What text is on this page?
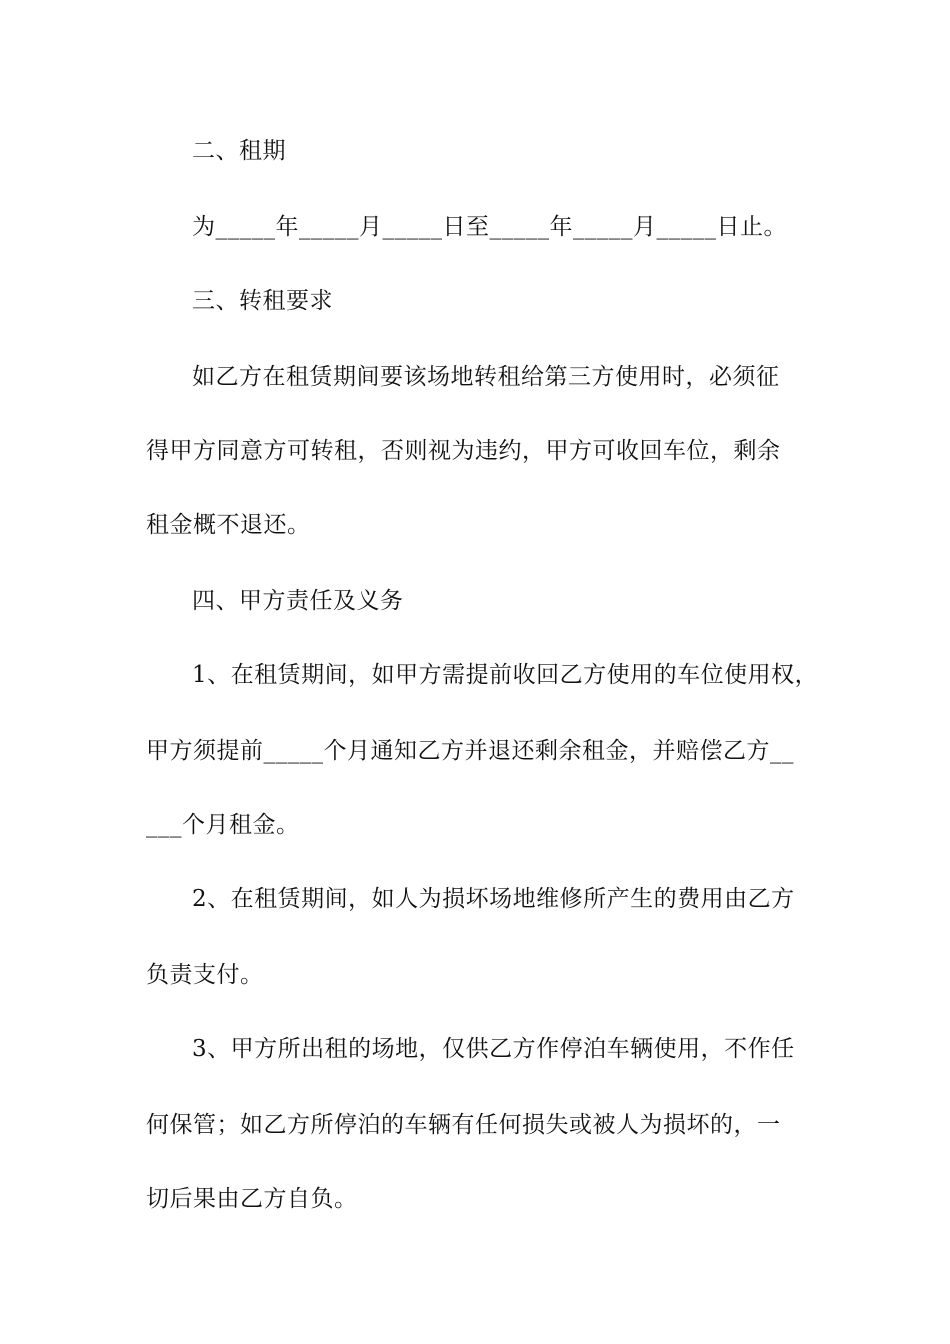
二、租期
为_____年_____月_____日至_____年_____月_____日止。
三、转租要求
如乙方在租赁期间要该场地转租给第三方使用时，必须征
得甲方同意方可转租，否则视为违约，甲方可收回车位，剩余
租金概不退还。
四、甲方责任及义务
1、在租赁期间，如甲方需提前收回乙方使用的车位使用权，
甲方须提前_____个月通知乙方并退还剩余租金，并赔偿乙方__
___个月租金。
2、在租赁期间，如人为损坏场地维修所产生的费用由乙方
负责支付。
3、甲方所出租的场地，仅供乙方作停泊车辆使用，不作任
何保管；如乙方所停泊的车辆有任何损失或被人为损坏的，一
切后果由乙方自负。
